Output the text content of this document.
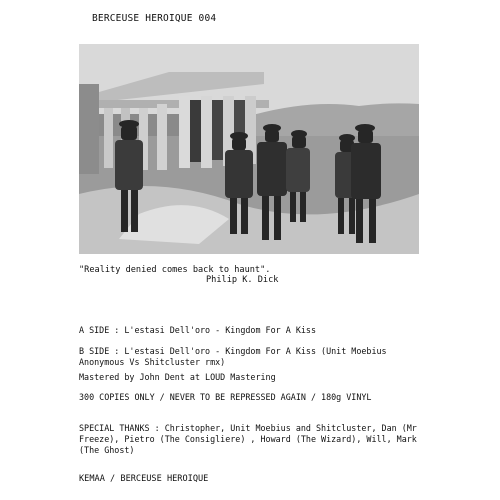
BERCEUSE HEROIQUE 004
"Reality denied comes back to haunt".
Philip K. Dick
A SIDE : L'estasi Dell'oro - Kingdom For A Kiss
B SIDE : L'estasi Dell'oro - Kingdom For A Kiss (Unit Moebius Anonymous Vs Shitcluster rmx)
Mastered by John Dent at LOUD Mastering
300 COPIES ONLY / NEVER TO BE REPRESSED AGAIN / 180g VINYL
SPECIAL THANKS : Christopher, Unit Moebius and Shitcluster, Dan (Mr Freeze), Pietro (The Consigliere) , Howard (The Wizard), Will, Mark (The Ghost)
KEMAA / BERCEUSE HEROIQUE
